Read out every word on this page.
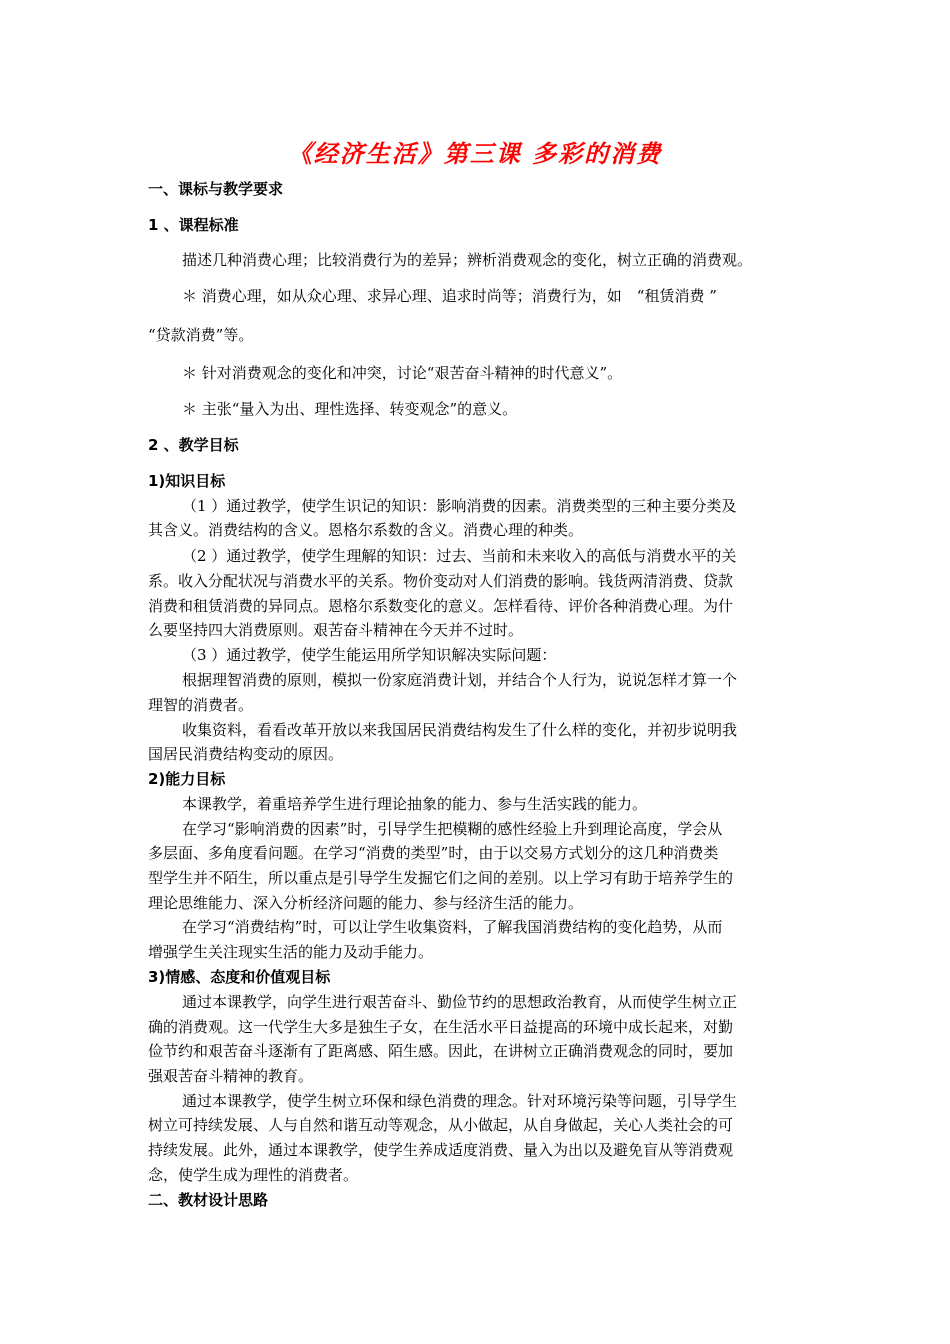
《经济生活》第三课 多彩的消费
一、课标与教学要求
1 、课程标准
描述几种消费心理；比较消费行为的差异；辨析消费观念的变化，树立正确的消费观。
＊ 消费心理，如从众心理、求异心理、追求时尚等；消费行为，如　“租赁消费 ”
“贷款消费”等。
＊ 针对消费观念的变化和冲突，讨论“艰苦奋斗精神的时代意义”。
＊ 主张“量入为出、理性选择、转变观念”的意义。
2 、教学目标
1)知识目标
（1 ）通过教学，使学生识记的知识：影响消费的因素。消费类型的三种主要分类及
其含义。消费结构的含义。恩格尔系数的含义。消费心理的种类。
（2 ）通过教学，使学生理解的知识：过去、当前和未来收入的高低与消费水平的关
系。收入分配状况与消费水平的关系。物价变动对人们消费的影响。钱货两清消费、贷款
消费和租赁消费的异同点。恩格尔系数变化的意义。怎样看待、评价各种消费心理。为什
么要坚持四大消费原则。艰苦奋斗精神在今天并不过时。
（3 ）通过教学，使学生能运用所学知识解决实际问题：
根据理智消费的原则，模拟一份家庭消费计划，并结合个人行为，说说怎样才算一个
理智的消费者。
收集资料，看看改革开放以来我国居民消费结构发生了什么样的变化，并初步说明我
国居民消费结构变动的原因。
2)能力目标
本课教学，着重培养学生进行理论抽象的能力、参与生活实践的能力。
在学习“影响消费的因素”时，引导学生把模糊的感性经验上升到理论高度，学会从
多层面、多角度看问题。在学习“消费的类型”时，由于以交易方式划分的这几种消费类
型学生并不陌生，所以重点是引导学生发掘它们之间的差别。以上学习有助于培养学生的
理论思维能力、深入分析经济问题的能力、参与经济生活的能力。
在学习“消费结构”时，可以让学生收集资料，了解我国消费结构的变化趋势，从而
增强学生关注现实生活的能力及动手能力。
3)情感、态度和价值观目标
通过本课教学，向学生进行艰苦奋斗、勤俭节约的思想政治教育，从而使学生树立正
确的消费观。这一代学生大多是独生子女，在生活水平日益提高的环境中成长起来，对勤
俭节约和艰苦奋斗逐渐有了距离感、陌生感。因此，在讲树立正确消费观念的同时，要加
强艰苦奋斗精神的教育。
通过本课教学，使学生树立环保和绿色消费的理念。针对环境污染等问题，引导学生
树立可持续发展、人与自然和谐互动等观念，从小做起，从自身做起，关心人类社会的可
持续发展。此外，通过本课教学，使学生养成适度消费、量入为出以及避免盲从等消费观
念，使学生成为理性的消费者。
二、教材设计思路
